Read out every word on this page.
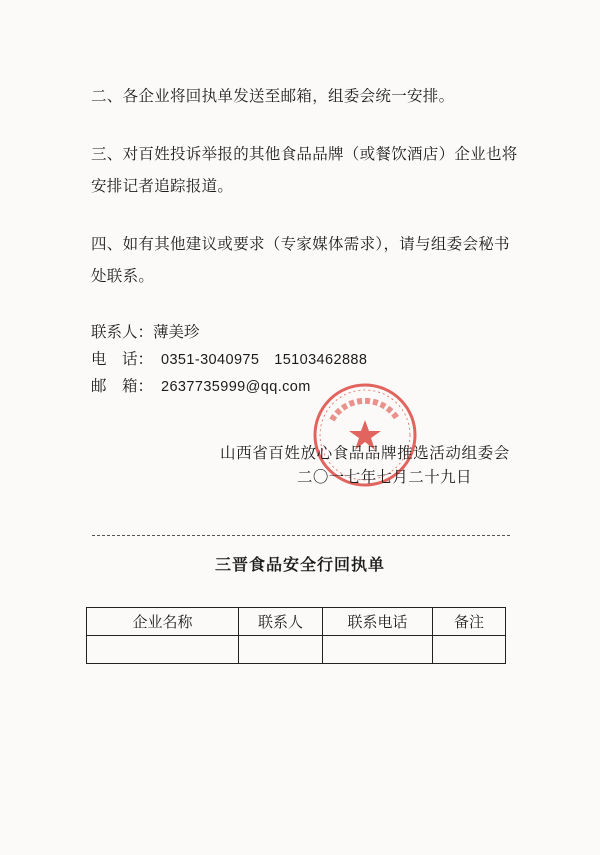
二、各企业将回执单发送至邮箱，组委会统一安排。

三、对百姓投诉举报的其他食品品牌（或餐饮酒店）企业也将安排记者追踪报道。

四、如有其他建议或要求（专家媒体需求），请与组委会秘书处联系。

联系人：薄美珍
电　话： 0351-3040975　15103462888
邮　箱： 2637735999@qq.com
山西省百姓放心食品品牌推选活动组委会
二〇一七年七月二十九日
三晋食品安全行回执单
企业名称	联系人	联系电话	备注
